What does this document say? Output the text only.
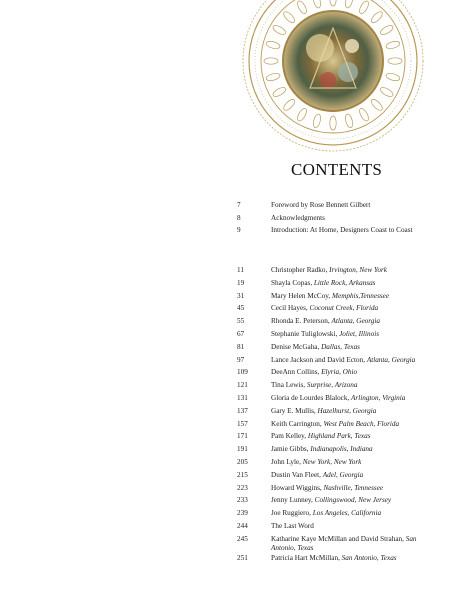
CONTENTS
7	Foreword by Rose Bennett Gilbert
8	Acknowledgments
9	Introduction: At Home, Designers Coast to Coast
11	Christopher Radko, Irvington, New York
19	Shayla Copas, Little Rock, Arkansas
31	Mary Helen McCoy, Memphis,Tennessee
45	Cecil Hayes, Coconut Creek, Florida
55	Rhonda E. Peterson, Atlanta, Georgia
67	Stephanie Tuliglowski, Joliet, Illinois
81	Denise McGaha, Dallas, Texas
97	Lance Jackson and David Ecton, Atlanta, Georgia
109	DeeAnn Collins, Elyria, Ohio
121	Tina Lewis, Surprise, Arizona
131	Gloria de Lourdes Blalock, Arlington, Virginia
137	Gary E. Mullis, Hazelhurst, Georgia
157	Keith Carrington, West Palm Beach, Florida
171	Pam Kelley, Highland Park, Texas
191	Jamie Gibbs, Indianapolis, Indiana
205	John Lyle, New York, New York
215	Dustin Van Fleet, Adel, Georgia
223	Howard Wiggins, Nashville, Tennessee
233	Jenny Lunney, Collingswood, New Jersey
239	Joe Ruggiero, Los Angeles, California
244	The Last Word
245	Katharine Kaye McMillan and David Strahan, San Antonio, Texas
251	Patricia Hart McMillan, San Antonio, Texas
